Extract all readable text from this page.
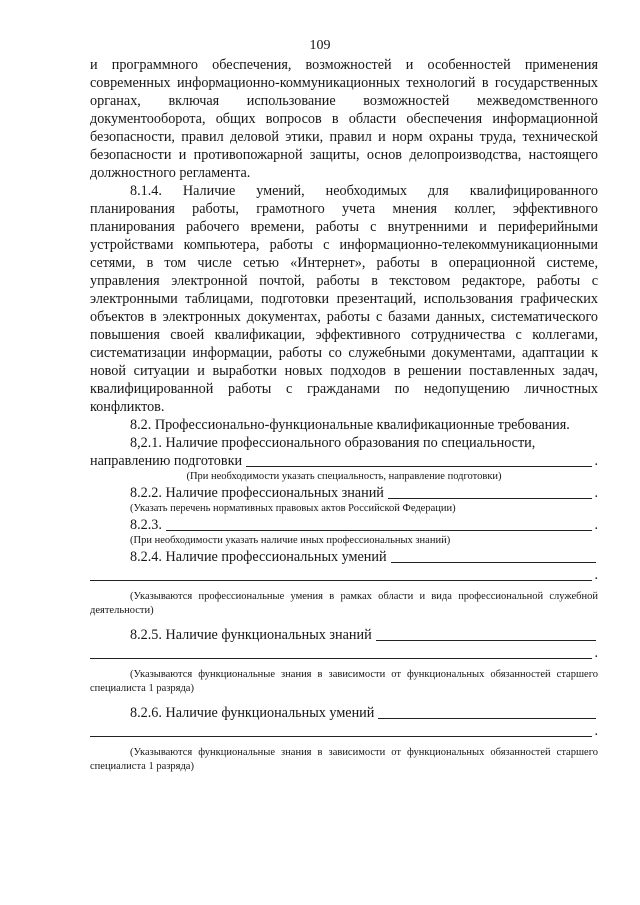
109

и программного обеспечения, возможностей и особенностей применения современных информационно-коммуникационных технологий в государственных органах, включая использование возможностей межведомственного документооборота, общих вопросов в области обеспечения информационной безопасности, правил деловой этики, правил и норм охраны труда, технической безопасности и противопожарной защиты, основ делопроизводства, настоящего должностного регламента.

8.1.4. Наличие умений, необходимых для квалифицированного планирования работы, грамотного учета мнения коллег, эффективного планирования рабочего времени, работы с внутренними и периферийными устройствами компьютера, работы с информационно-телекоммуникационными сетями, в том числе сетью «Интернет», работы в операционной системе, управления электронной почтой, работы в текстовом редакторе, работы с электронными таблицами, подготовки презентаций, использования графических объектов в электронных документах, работы с базами данных, систематического повышения своей квалификации, эффективного сотрудничества с коллегами, систематизации информации, работы со служебными документами, адаптации к новой ситуации и выработки новых подходов в решении поставленных задач, квалифицированной работы с гражданами по недопущению личностных конфликтов.

8.2. Профессионально-функциональные квалификационные требования.

8,2.1. Наличие профессионального образования по специальности,

направлению подготовки	.

(При необходимости указать специальность, направление подготовки)

8.2.2. Наличие профессиональных знаний	.

(Указать перечень нормативных правовых актов Российской Федерации)

8.2.3.	.

(При необходимости указать наличие иных профессиональных знаний)

8.2.4. Наличие профессиональных умений
.

(Указываются профессиональные умения в рамках области и вида профессиональной служебной деятельности)

8.2.5. Наличие функциональных знаний
.

(Указываются функциональные знания в зависимости от функциональных обязанностей старшего специалиста 1 разряда)

8.2.6. Наличие функциональных умений
.

(Указываются функциональные знания в зависимости от функциональных обязанностей старшего специалиста 1 разряда)
